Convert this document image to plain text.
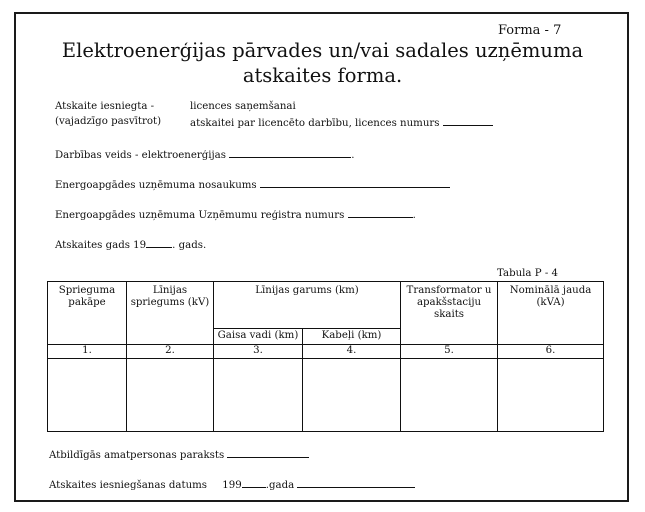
Forma - 7
Elektroenerģijas pārvades un/vai sadales uzņēmuma
atskaites forma.
Atskaite iesniegta -
(vajadzīgo pasvītrot)
licences saņemšanai
atskaitei par licencēto darbību, licences numurs
Darbības veids - elektroenerģijas	.
Energoapgādes uzņēmuma nosaukums
Energoapgādes uzņēmuma Uzņēmumu reģistra numurs	.
Atskaites gads 19	. gads.
Tabula P - 4
Sprieguma pakāpe	Līnijas spriegums (kV)	Līnijas garums (km)		Transformator u apakšstaciju skaits	Nominālā jauda (kVA)
		Gaisa vadi (km)	Kabeļi (km)		
1.	2.	3.	4.	5.	6.

Atbildīgās amatpersonas paraksts
Atskaites iesniegšanas datums 199 .gada
